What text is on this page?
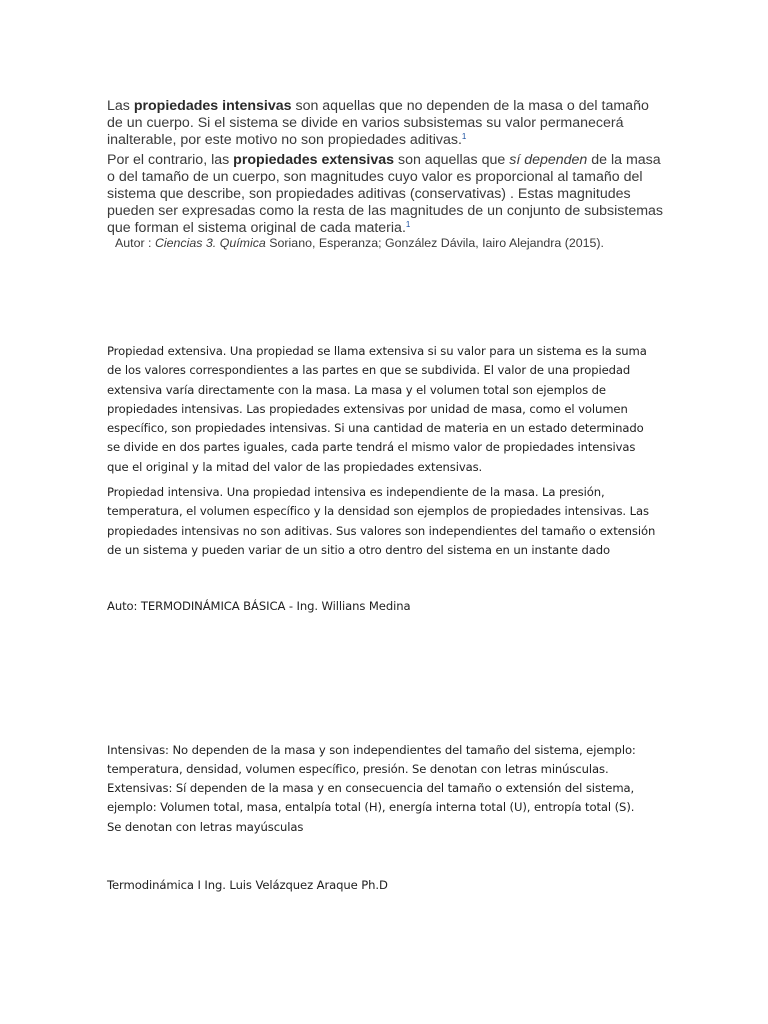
Las propiedades intensivas son aquellas que no dependen de la masa o del tamaño de un cuerpo. Si el sistema se divide en varios subsistemas su valor permanecerá inalterable, por este motivo no son propiedades aditivas.$^1$

Por el contrario, las propiedades extensivas son aquellas que sí dependen de la masa o del tamaño de un cuerpo, son magnitudes cuyo valor es proporcional al tamaño del sistema que describe, son propiedades aditivas (conservativas) . Estas magnitudes pueden ser expresadas como la resta de las magnitudes de un conjunto de subsistemas que forman el sistema original de cada materia.$^1$

Autor : Ciencias 3. Química Soriano, Esperanza; González Dávila, Iairo Alejandra (2015).

Propiedad extensiva. Una propiedad se llama extensiva si su valor para un sistema es la suma de los valores correspondientes a las partes en que se subdivida. El valor de una propiedad extensiva varía directamente con la masa. La masa y el volumen total son ejemplos de propiedades intensivas. Las propiedades extensivas por unidad de masa, como el volumen específico, son propiedades intensivas. Si una cantidad de materia en un estado determinado se divide en dos partes iguales, cada parte tendrá el mismo valor de propiedades intensivas que el original y la mitad del valor de las propiedades extensivas.

Propiedad intensiva. Una propiedad intensiva es independiente de la masa. La presión, temperatura, el volumen específico y la densidad son ejemplos de propiedades intensivas. Las propiedades intensivas no son aditivas. Sus valores son independientes del tamaño o extensión de un sistema y pueden variar de un sitio a otro dentro del sistema en un instante dado

Auto: TERMODINÁMICA BÁSICA - Ing. Willians Medina

Intensivas: No dependen de la masa y son independientes del tamaño del sistema, ejemplo: temperatura, densidad, volumen específico, presión. Se denotan con letras minúsculas.

Extensivas: Sí dependen de la masa y en consecuencia del tamaño o extensión del sistema, ejemplo: Volumen total, masa, entalpía total (H), energía interna total (U), entropía total (S). Se denotan con letras mayúsculas

Termodinámica I Ing. Luis Velázquez Araque Ph.D
